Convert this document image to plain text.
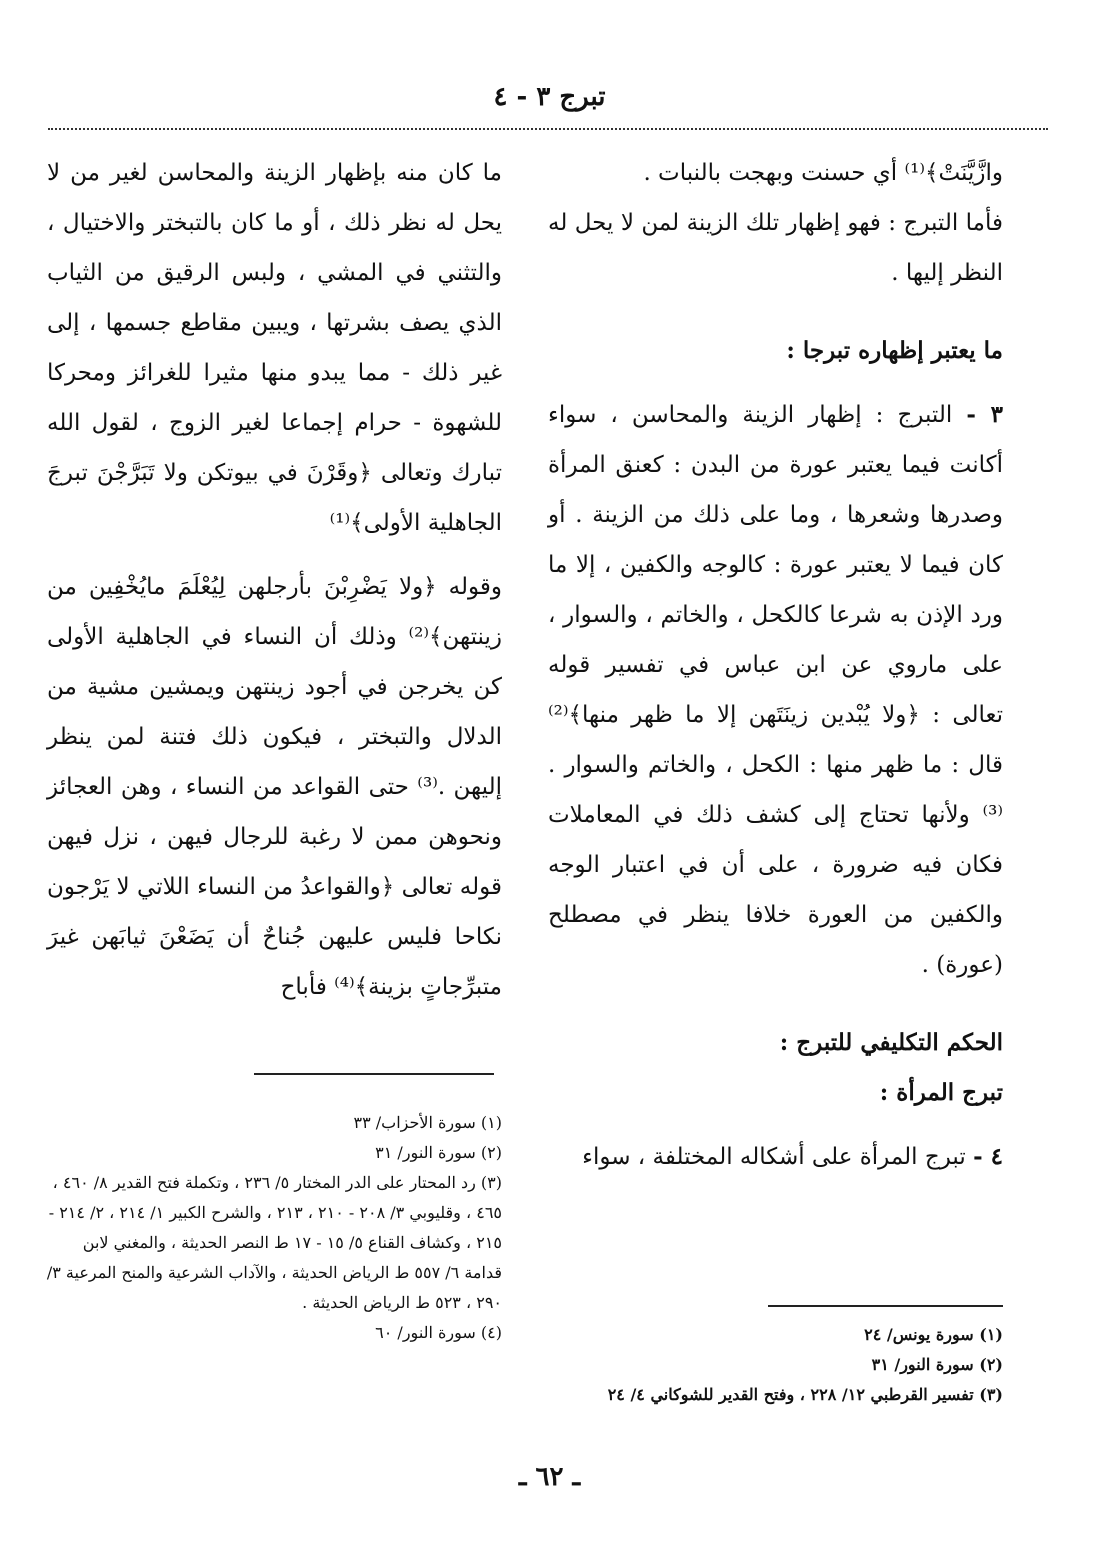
تبرج ٣ - ٤

وازَّيَّنَتْ﴾⁽¹⁾ أي حسنت وبهجت بالنبات .

فأما التبرج : فهو إظهار تلك الزينة لمن لا يحل له النظر إليها .

ما يعتبر إظهاره تبرجا :

٣ - التبرج : إظهار الزينة والمحاسن ، سواء أكانت فيما يعتبر عورة من البدن : كعنق المرأة وصدرها وشعرها ، وما على ذلك من الزينة . أو كان فيما لا يعتبر عورة : كالوجه والكفين ، إلا ما ورد الإذن به شرعا كالكحل ، والخاتم ، والسوار ، على ماروي عن ابن عباس في تفسير قوله تعالى : ﴿ولا يُبْدين زينَتَهن إلا ما ظهر منها﴾⁽²⁾ قال : ما ظهر منها : الكحل ، والخاتم والسوار .⁽³⁾ ولأنها تحتاج إلى كشف ذلك في المعاملات فكان فيه ضرورة ، على أن في اعتبار الوجه والكفين من العورة خلافا ينظر في مصطلح (عورة) .

الحكم التكليفي للتبرج :

تبرج المرأة :

٤ - تبرج المرأة على أشكاله المختلفة ، سواء

ما كان منه بإظهار الزينة والمحاسن لغير من لا يحل له نظر ذلك ، أو ما كان بالتبختر والاختيال ، والتثني في المشي ، ولبس الرقيق من الثياب الذي يصف بشرتها ، ويبين مقاطع جسمها ، إلى غير ذلك - مما يبدو منها مثيرا للغرائز ومحركا للشهوة - حرام إجماعا لغير الزوج ، لقول الله تبارك وتعالى ﴿وقَرْنَ في بيوتكن ولا تَبَرَّجْنَ تبرجَ الجاهلية الأولى﴾⁽¹⁾

وقوله ﴿ولا يَضْرِبْنَ بأرجلهن لِيُعْلَمَ مايُخْفِين من زينتهن﴾⁽²⁾ وذلك أن النساء في الجاهلية الأولى كن يخرجن في أجود زينتهن ويمشين مشية من الدلال والتبختر ، فيكون ذلك فتنة لمن ينظر إليهن .⁽³⁾ حتى القواعد من النساء ، وهن العجائز ونحوهن ممن لا رغبة للرجال فيهن ، نزل فيهن قوله تعالى ﴿والقواعدُ من النساء اللاتي لا يَرْجون نكاحا فليس عليهن جُناحٌ أن يَضَعْنَ ثيابَهن غيرَ متبرِّجاتٍ بزينة﴾⁽⁴⁾ فأباح

(١) سورة الأحزاب/ ٣٣

(٢) سورة النور/ ٣١

(٣) رد المحتار على الدر المختار ٥/ ٢٣٦ ، وتكملة فتح القدير ٨/ ٤٦٠ ، ٤٦٥ ، وقليوبي ٣/ ٢٠٨ - ٢١٠ ، ٢١٣ ، والشرح الكبير ١/ ٢١٤ ، ٢/ ٢١٤ - ٢١٥ ، وكشاف القناع ٥/ ١٥ - ١٧ ط النصر الحديثة ، والمغني لابن قدامة ٦/ ٥٥٧ ط الرياض الحديثة ، والآداب الشرعية والمنح المرعية ٣/ ٢٩٠ ، ٥٢٣ ط الرياض الحديثة .

(٤) سورة النور/ ٦٠	(١) سورة يونس/ ٢٤

(٢) سورة النور/ ٣١

(٣) تفسير القرطبي ١٢/ ٢٢٨ ، وفتح القدير للشوكاني ٤/ ٢٤

ـ ٦٢ ـ
